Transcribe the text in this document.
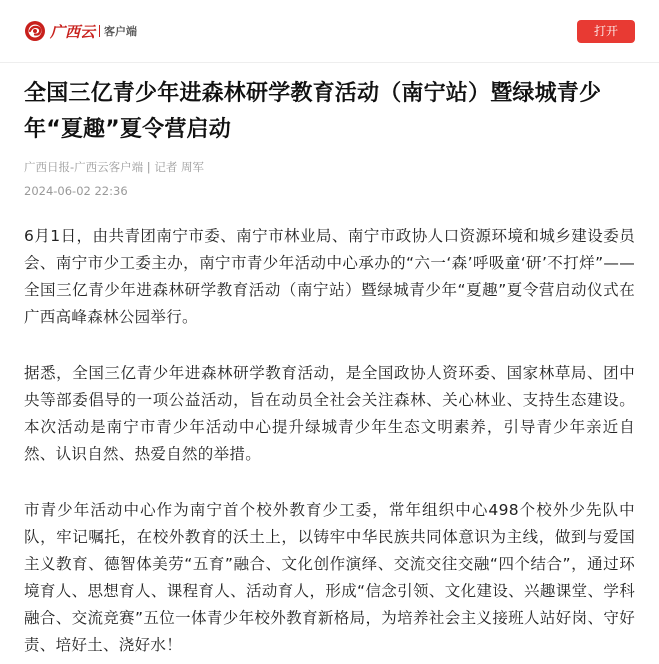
广西云 客户端	打开
全国三亿青少年进森林研学教育活动（南宁站）暨绿城青少年“夏趣”夏令营启动
广西日报-广西云客户端 | 记者 周军
2024-06-02 22:36

6月1日，由共青团南宁市委、南宁市林业局、南宁市政协人口资源环境和城乡建设委员会、南宁市少工委主办，南宁市青少年活动中心承办的“六一‘森’呼吸童‘研’不打烊”——全国三亿青少年进森林研学教育活动（南宁站）暨绿城青少年“夏趣”夏令营启动仪式在广西高峰森林公园举行。

据悉，全国三亿青少年进森林研学教育活动，是全国政协人资环委、国家林草局、团中央等部委倡导的一项公益活动，旨在动员全社会关注森林、关心林业、支持生态建设。本次活动是南宁市青少年活动中心提升绿城青少年生态文明素养，引导青少年亲近自然、认识自然、热爱自然的举措。

市青少年活动中心作为南宁首个校外教育少工委，常年组织中心498个校外少先队中队，牢记嘱托，在校外教育的沃土上，以铸牢中华民族共同体意识为主线，做到与爱国主义教育、德智体美劳“五育”融合、文化创作演绎、交流交往交融“四个结合”，通过环境育人、思想育人、课程育人、活动育人，形成“信念引领、文化建设、兴趣课堂、学科融合、交流竞赛”五位一体青少年校外教育新格局，为培养社会主义接班人站好岗、守好责、培好土、浇好水！
